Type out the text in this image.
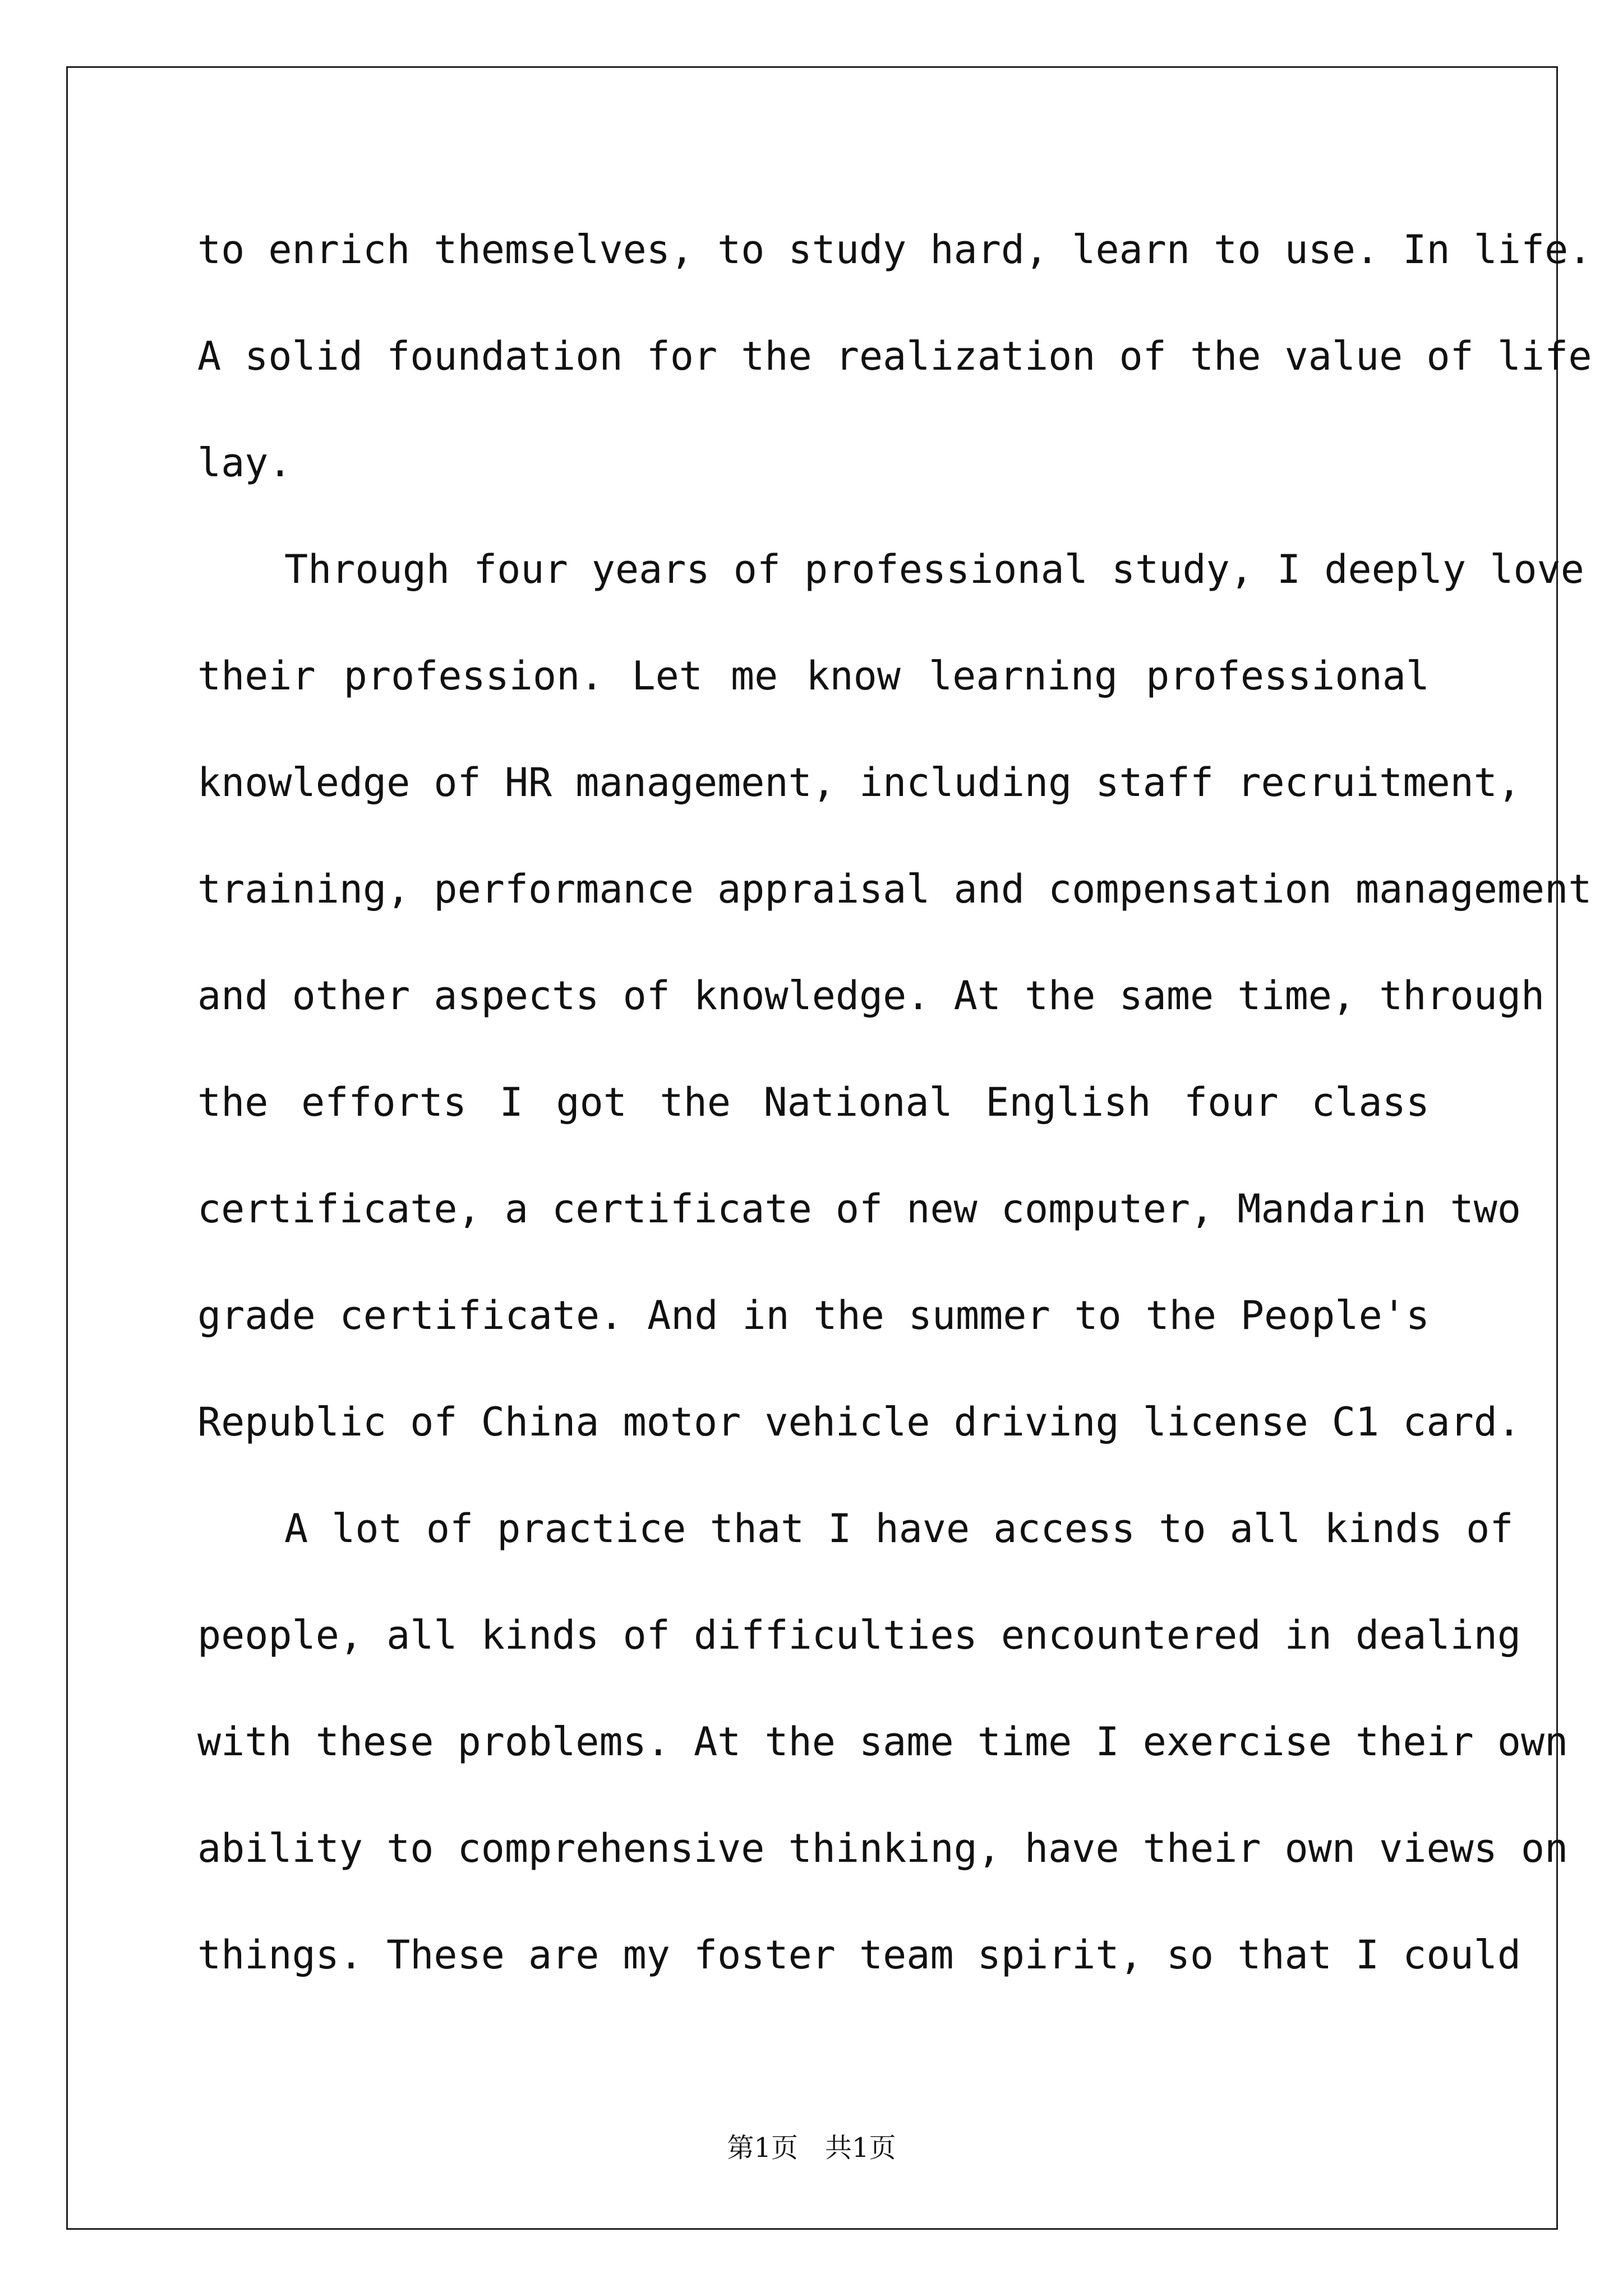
to enrich themselves, to study hard, learn to use. In life.
A solid foundation for the realization of the value of life
lay.
Through four years of professional study, I deeply love
their profession. Let me know learning professional
knowledge of HR management, including staff recruitment,
training, performance appraisal and compensation management
and other aspects of knowledge. At the same time, through
the efforts I got the National English four class
certificate, a certificate of new computer, Mandarin two
grade certificate. And in the summer to the People's
Republic of China motor vehicle driving license C1 card.
A lot of practice that I have access to all kinds of
people, all kinds of difficulties encountered in dealing
with these problems. At the same time I exercise their own
ability to comprehensive thinking, have their own views on
things. These are my foster team spirit, so that I could
第1页　共1页
